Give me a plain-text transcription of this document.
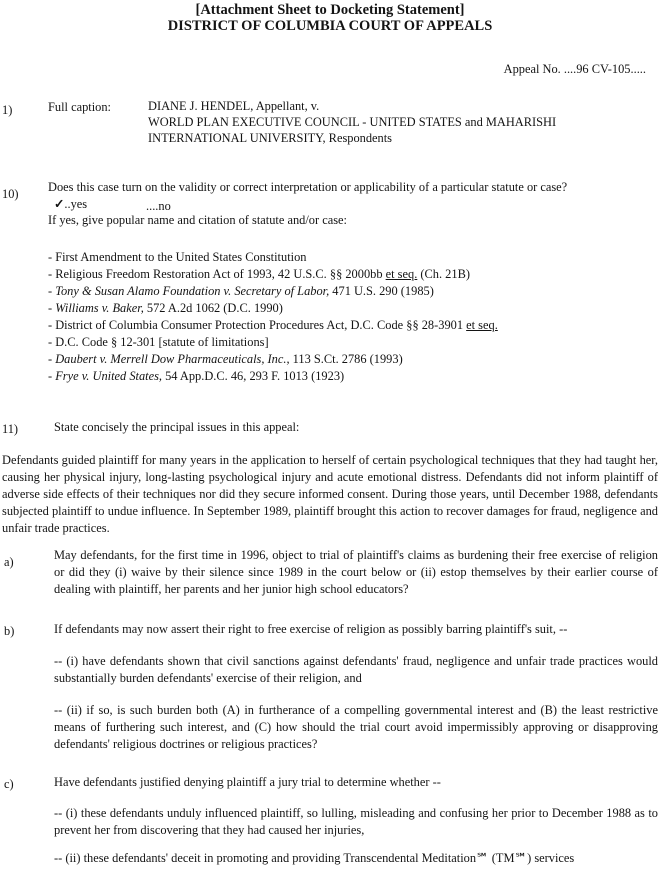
[Attachment Sheet to Docketing Statement]
DISTRICT OF COLUMBIA COURT OF APPEALS
Appeal No. ....96 CV-105.....
1)	Full caption:	DIANE J. HENDEL, Appellant, v.
WORLD PLAN EXECUTIVE COUNCIL - UNITED STATES and MAHARISHI
INTERNATIONAL UNIVERSITY, Respondents
10) Does this case turn on the validity or correct interpretation or applicability of a particular statute or case?
✓..yes	....no
If yes, give popular name and citation of statute and/or case:
- First Amendment to the United States Constitution
- Religious Freedom Restoration Act of 1993, 42 U.S.C. §§ 2000bb et seq. (Ch. 21B)
- Tony & Susan Alamo Foundation v. Secretary of Labor, 471 U.S. 290 (1985)
- Williams v. Baker, 572 A.2d 1062 (D.C. 1990)
- District of Columbia Consumer Protection Procedures Act, D.C. Code §§ 28-3901 et seq.
- D.C. Code § 12-301 [statute of limitations]
- Daubert v. Merrell Dow Pharmaceuticals, Inc., 113 S.Ct. 2786 (1993)
- Frye v. United States, 54 App.D.C. 46, 293 F. 1013 (1923)
11)	State concisely the principal issues in this appeal:
Defendants guided plaintiff for many years in the application to herself of certain psychological techniques that they had taught her, causing her physical injury, long-lasting psychological injury and acute emotional distress. Defendants did not inform plaintiff of adverse side effects of their techniques nor did they secure informed consent. During those years, until December 1988, defendants subjected plaintiff to undue influence. In September 1989, plaintiff brought this action to recover damages for fraud, negligence and unfair trade practices.
a)	May defendants, for the first time in 1996, object to trial of plaintiff's claims as burdening their free exercise of religion or did they (i) waive by their silence since 1989 in the court below or (ii) estop themselves by their earlier course of dealing with plaintiff, her parents and her junior high school educators?
b)	If defendants may now assert their right to free exercise of religion as possibly barring plaintiff's suit, --
-- (i) have defendants shown that civil sanctions against defendants' fraud, negligence and unfair trade practices would substantially burden defendants' exercise of their religion, and
-- (ii) if so, is such burden both (A) in furtherance of a compelling governmental interest and (B) the least restrictive means of furthering such interest, and (C) how should the trial court avoid impermissibly approving or disapproving defendants' religious doctrines or religious practices?
c)	Have defendants justified denying plaintiff a jury trial to determine whether --
-- (i) these defendants unduly influenced plaintiff, so lulling, misleading and confusing her prior to December 1988 as to prevent her from discovering that they had caused her injuries,
-- (ii) these defendants' deceit in promoting and providing Transcendental Meditation℠ (TM℠) services
